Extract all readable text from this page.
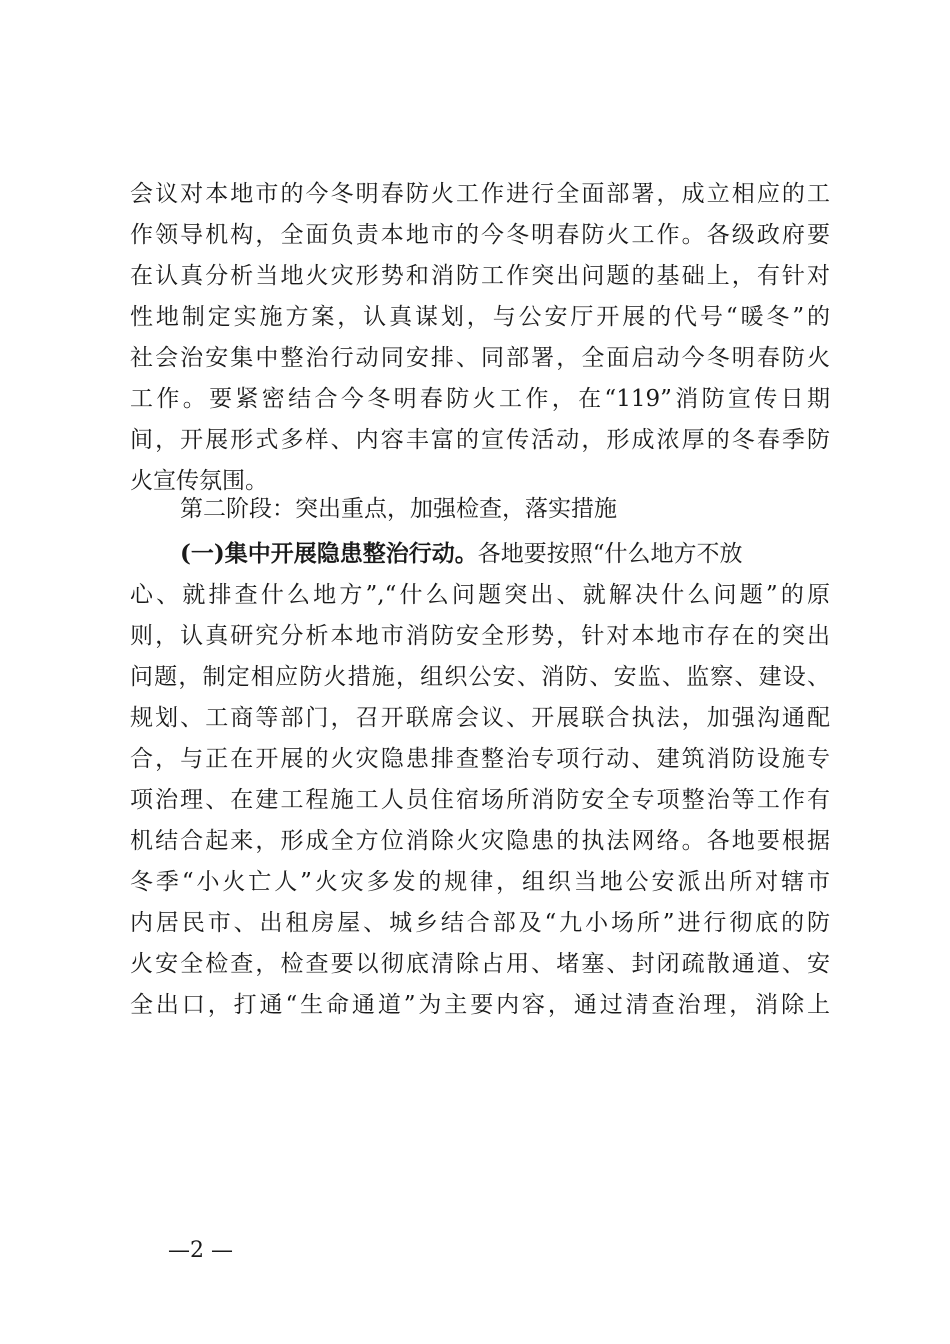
会议对本地市的今冬明春防火工作进行全面部署，成立相应的工
作领导机构，全面负责本地市的今冬明春防火工作。各级政府要
在认真分析当地火灾形势和消防工作突出问题的基础上，有针对
性地制定实施方案，认真谋划，与公安厅开展的代号“暖冬”的
社会治安集中整治行动同安排、同部署，全面启动今冬明春防火
工作。要紧密结合今冬明春防火工作，在“119”消防宣传日期
间，开展形式多样、内容丰富的宣传活动，形成浓厚的冬春季防
火宣传氛围。
第二阶段：突出重点，加强检查，落实措施
(一)集中开展隐患整治行动。各地要按照“什么地方不放
心、就排查什么地方”,“什么问题突出、就解决什么问题”的原
则，认真研究分析本地市消防安全形势，针对本地市存在的突出
问题，制定相应防火措施，组织公安、消防、安监、监察、建设、
规划、工商等部门，召开联席会议、开展联合执法，加强沟通配
合，与正在开展的火灾隐患排查整治专项行动、建筑消防设施专
项治理、在建工程施工人员住宿场所消防安全专项整治等工作有
机结合起来，形成全方位消除火灾隐患的执法网络。各地要根据
冬季“小火亡人”火灾多发的规律，组织当地公安派出所对辖市
内居民市、出租房屋、城乡结合部及“九小场所”进行彻底的防
火安全检查，检查要以彻底清除占用、堵塞、封闭疏散通道、安
全出口，打通“生命通道”为主要内容，通过清查治理，消除上
—2 —
